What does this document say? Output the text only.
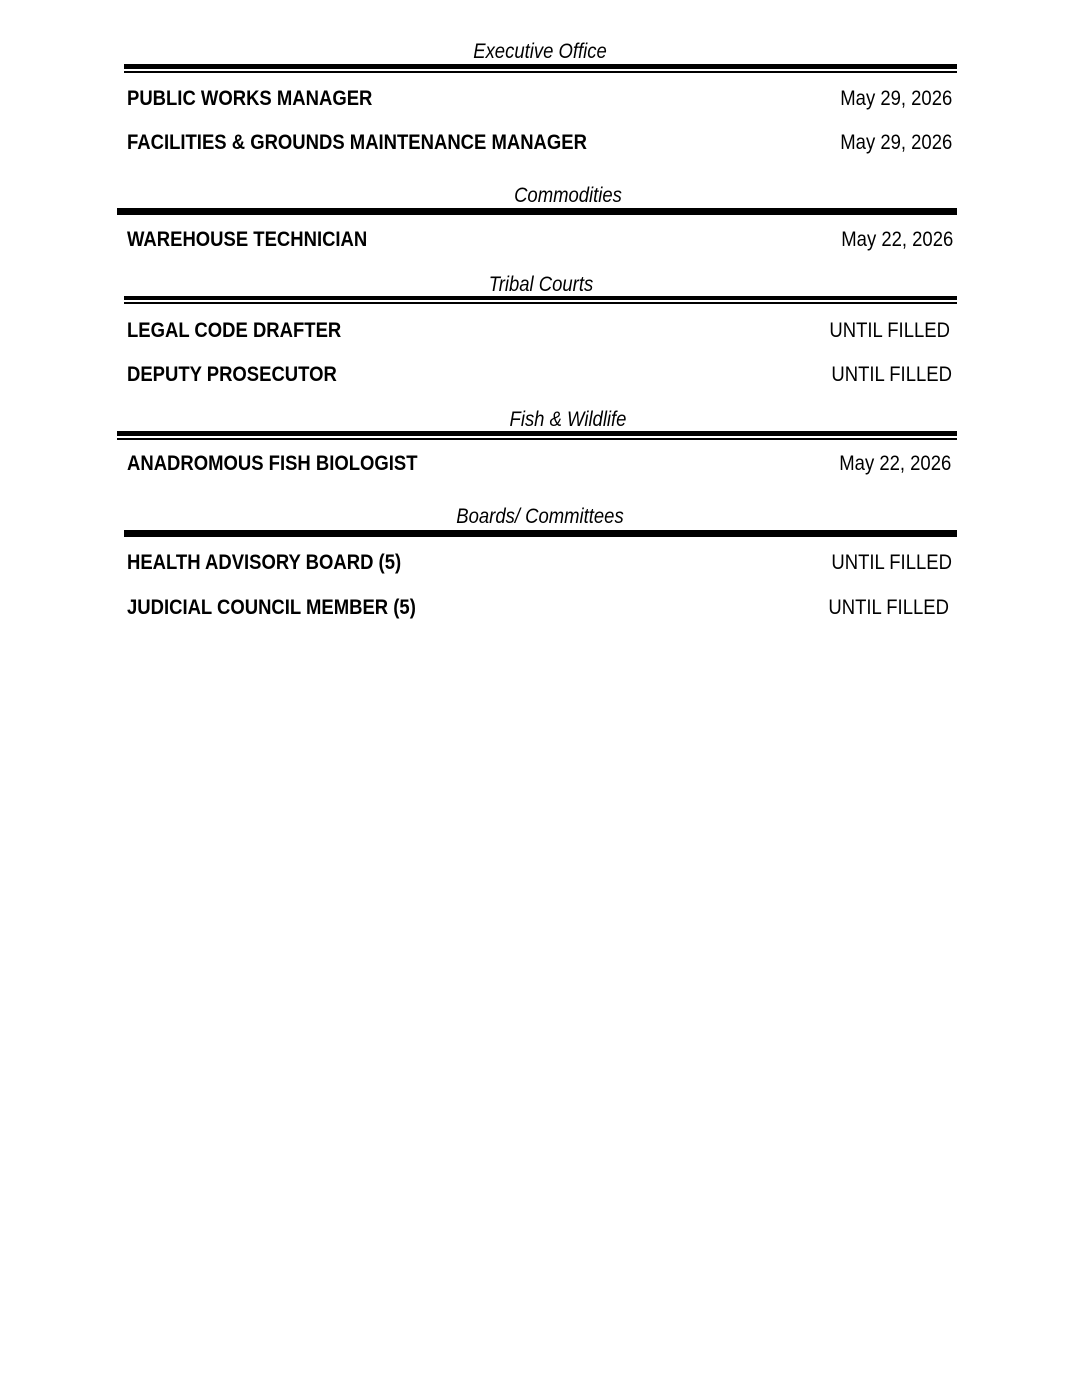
Executive Office
PUBLIC WORKS MANAGER	May 29, 2026
FACILITIES & GROUNDS MAINTENANCE MANAGER	May 29, 2026
Commodities
WAREHOUSE TECHNICIAN	May 22, 2026
Tribal Courts
LEGAL CODE DRAFTER	UNTIL FILLED
DEPUTY PROSECUTOR	UNTIL FILLED
Fish & Wildlife
ANADROMOUS FISH BIOLOGIST	May 22, 2026
Boards/ Committees
HEALTH ADVISORY BOARD (5)	UNTIL FILLED
JUDICIAL COUNCIL MEMBER (5)	UNTIL FILLED
